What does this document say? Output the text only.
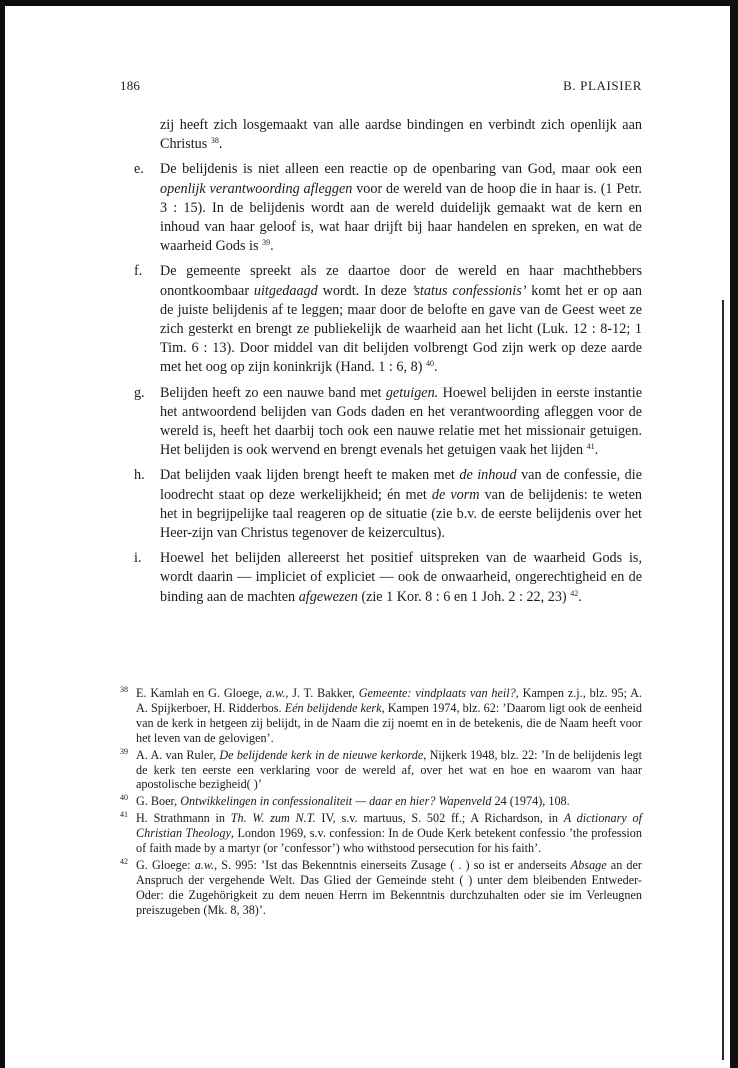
186	B. PLAISIER
zij heeft zich losgemaakt van alle aardse bindingen en verbindt zich openlijk aan Christus $^{38}$.
e. De belijdenis is niet alleen een reactie op de openbaring van God, maar ook een openlijk verantwoording afleggen voor de wereld van de hoop die in haar is. (1 Petr. 3 : 15). In de belijdenis wordt aan de wereld duidelijk gemaakt wat de kern en inhoud van haar geloof is, wat haar drijft bij haar handelen en spreken, en wat de waarheid Gods is $^{39}$.
f. De gemeente spreekt als ze daartoe door de wereld en haar machthebbers onontkoombaar uitgedaagd wordt. In deze ’status confessionis’ komt het er op aan de juiste belijdenis af te leggen; maar door de belofte en gave van de Geest weet ze zich gesterkt en brengt ze publiekelijk de waarheid aan het licht (Luk. 12 : 8-12; 1 Tim. 6 : 13). Door middel van dit belijden volbrengt God zijn werk op deze aarde met het oog op zijn koninkrijk (Hand. 1 : 6, 8) $^{40}$.
g. Belijden heeft zo een nauwe band met getuigen. Hoewel belijden in eerste instantie het antwoordend belijden van Gods daden en het verantwoording afleggen voor de wereld is, heeft het daarbij toch ook een nauwe relatie met het missionair getuigen. Het belijden is ook wervend en brengt evenals het getuigen vaak het lijden $^{41}$.
h. Dat belijden vaak lijden brengt heeft te maken met de inhoud van de confessie, die loodrecht staat op deze werkelijkheid; én met de vorm van de belijdenis: te weten het in begrijpelijke taal reageren op de situatie (zie b.v. de eerste belijdenis over het Heer-zijn van Christus tegenover de keizercultus).
i. Hoewel het belijden allereerst het positief uitspreken van de waarheid Gods is, wordt daarin — impliciet of expliciet — ook de onwaarheid, ongerechtigheid en de binding aan de machten afgewezen (zie 1 Kor. 8 : 6 en 1 Joh. 2 : 22, 23) $^{42}$.
38 E. Kamlah en G. Gloege, a.w., J. T. Bakker, Gemeente: vindplaats van heil?, Kampen z.j., blz. 95; A. A. Spijkerboer, H. Ridderbos. Eén belijdende kerk, Kampen 1974, blz. 62: ’Daarom ligt ook de eenheid van de kerk in hetgeen zij belijdt, in de Naam die zij noemt en in de betekenis, die de Naam heeft voor het leven van de gelovigen’.
39 A. A. van Ruler, De belijdende kerk in de nieuwe kerkorde, Nijkerk 1948, blz. 22: ’In de belijdenis legt de kerk ten eerste een verklaring voor de wereld af, over het wat en hoe en waarom van haar apostolische bezigheid( )’
40 G. Boer, Ontwikkelingen in confessionaliteit — daar en hier? Wapenveld 24 (1974), 108.
41 H. Strathmann in Th. W. zum N.T. IV, s.v. martuus, S. 502 ff.; A Richardson, in A dictionary of Christian Theology, London 1969, s.v. confession: In de Oude Kerk betekent confessio ’the profession of faith made by a martyr (or ’confessor’) who withstood persecution for his faith’.
42 G. Gloege: a.w., S. 995: ’Ist das Bekenntnis einerseits Zusage ( . ) so ist er anderseits Absage an der Anspruch der vergehende Welt. Das Glied der Gemeinde steht ( ) unter dem bleibenden Entweder-Oder: die Zugehörigkeit zu dem neuen Herrn im Bekenntnis durchzuhalten oder sie im Verleugnen preiszugeben (Mk. 8, 38)’.
